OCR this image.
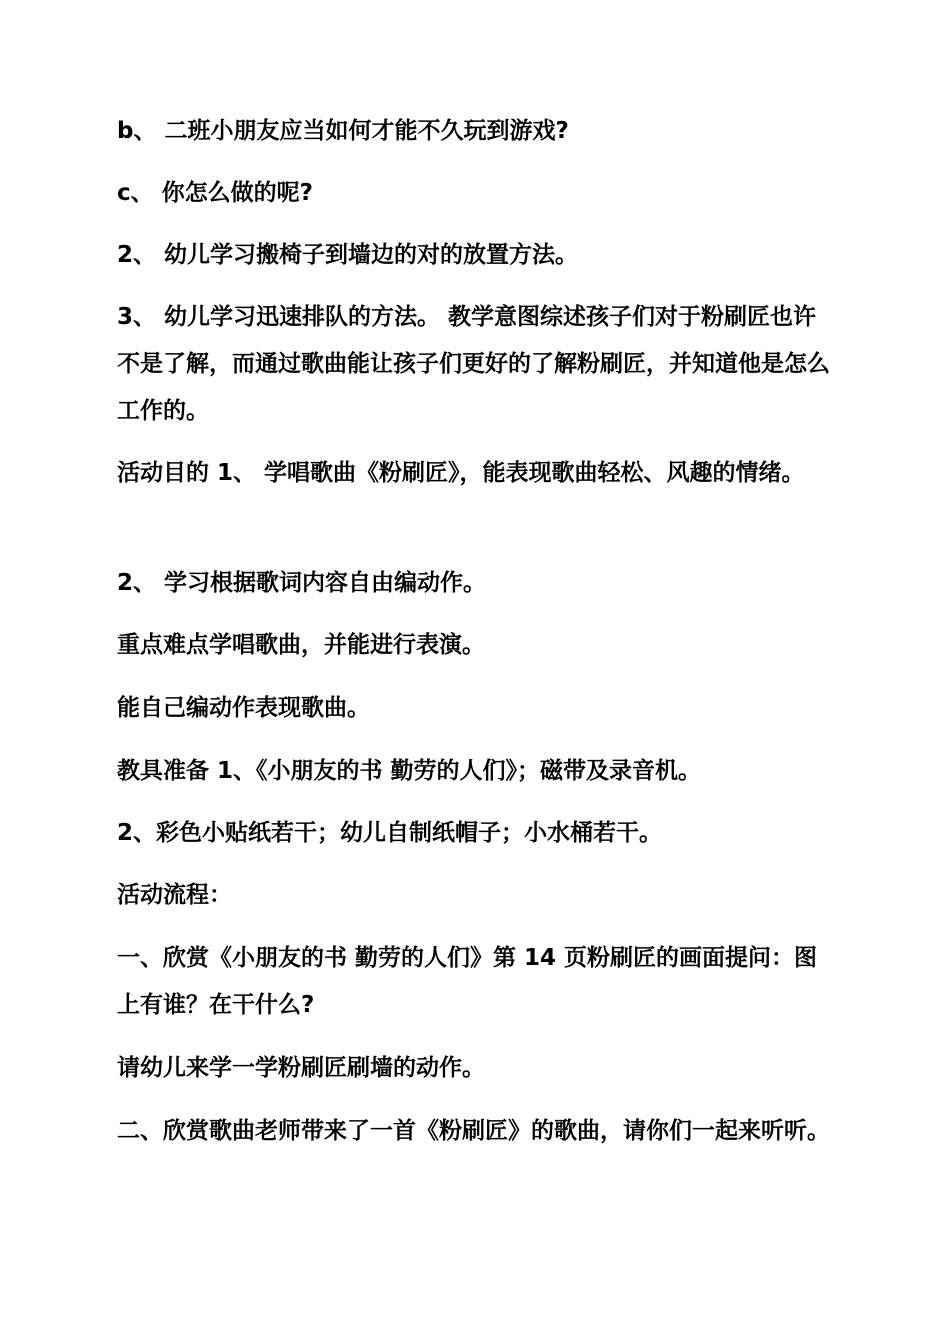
b、 二班小朋友应当如何才能不久玩到游戏?

c、 你怎么做的呢?

2、 幼儿学习搬椅子到墙边的对的放置方法。

3、 幼儿学习迅速排队的方法。 教学意图综述孩子们对于粉刷匠也许不是了解，而通过歌曲能让孩子们更好的了解粉刷匠，并知道他是怎么工作的。

活动目的 1、 学唱歌曲《粉刷匠》，能表现歌曲轻松、风趣的情绪。

2、 学习根据歌词内容自由编动作。

重点难点学唱歌曲，并能进行表演。

能自己编动作表现歌曲。

教具准备 1、《小朋友的书 勤劳的人们》；磁带及录音机。

2、彩色小贴纸若干；幼儿自制纸帽子；小水桶若干。

活动流程：

一、欣赏《小朋友的书 勤劳的人们》第 14 页粉刷匠的画面提问：图上有谁？在干什么?

请幼儿来学一学粉刷匠刷墙的动作。

二、欣赏歌曲老师带来了一首《粉刷匠》的歌曲，请你们一起来听听。
